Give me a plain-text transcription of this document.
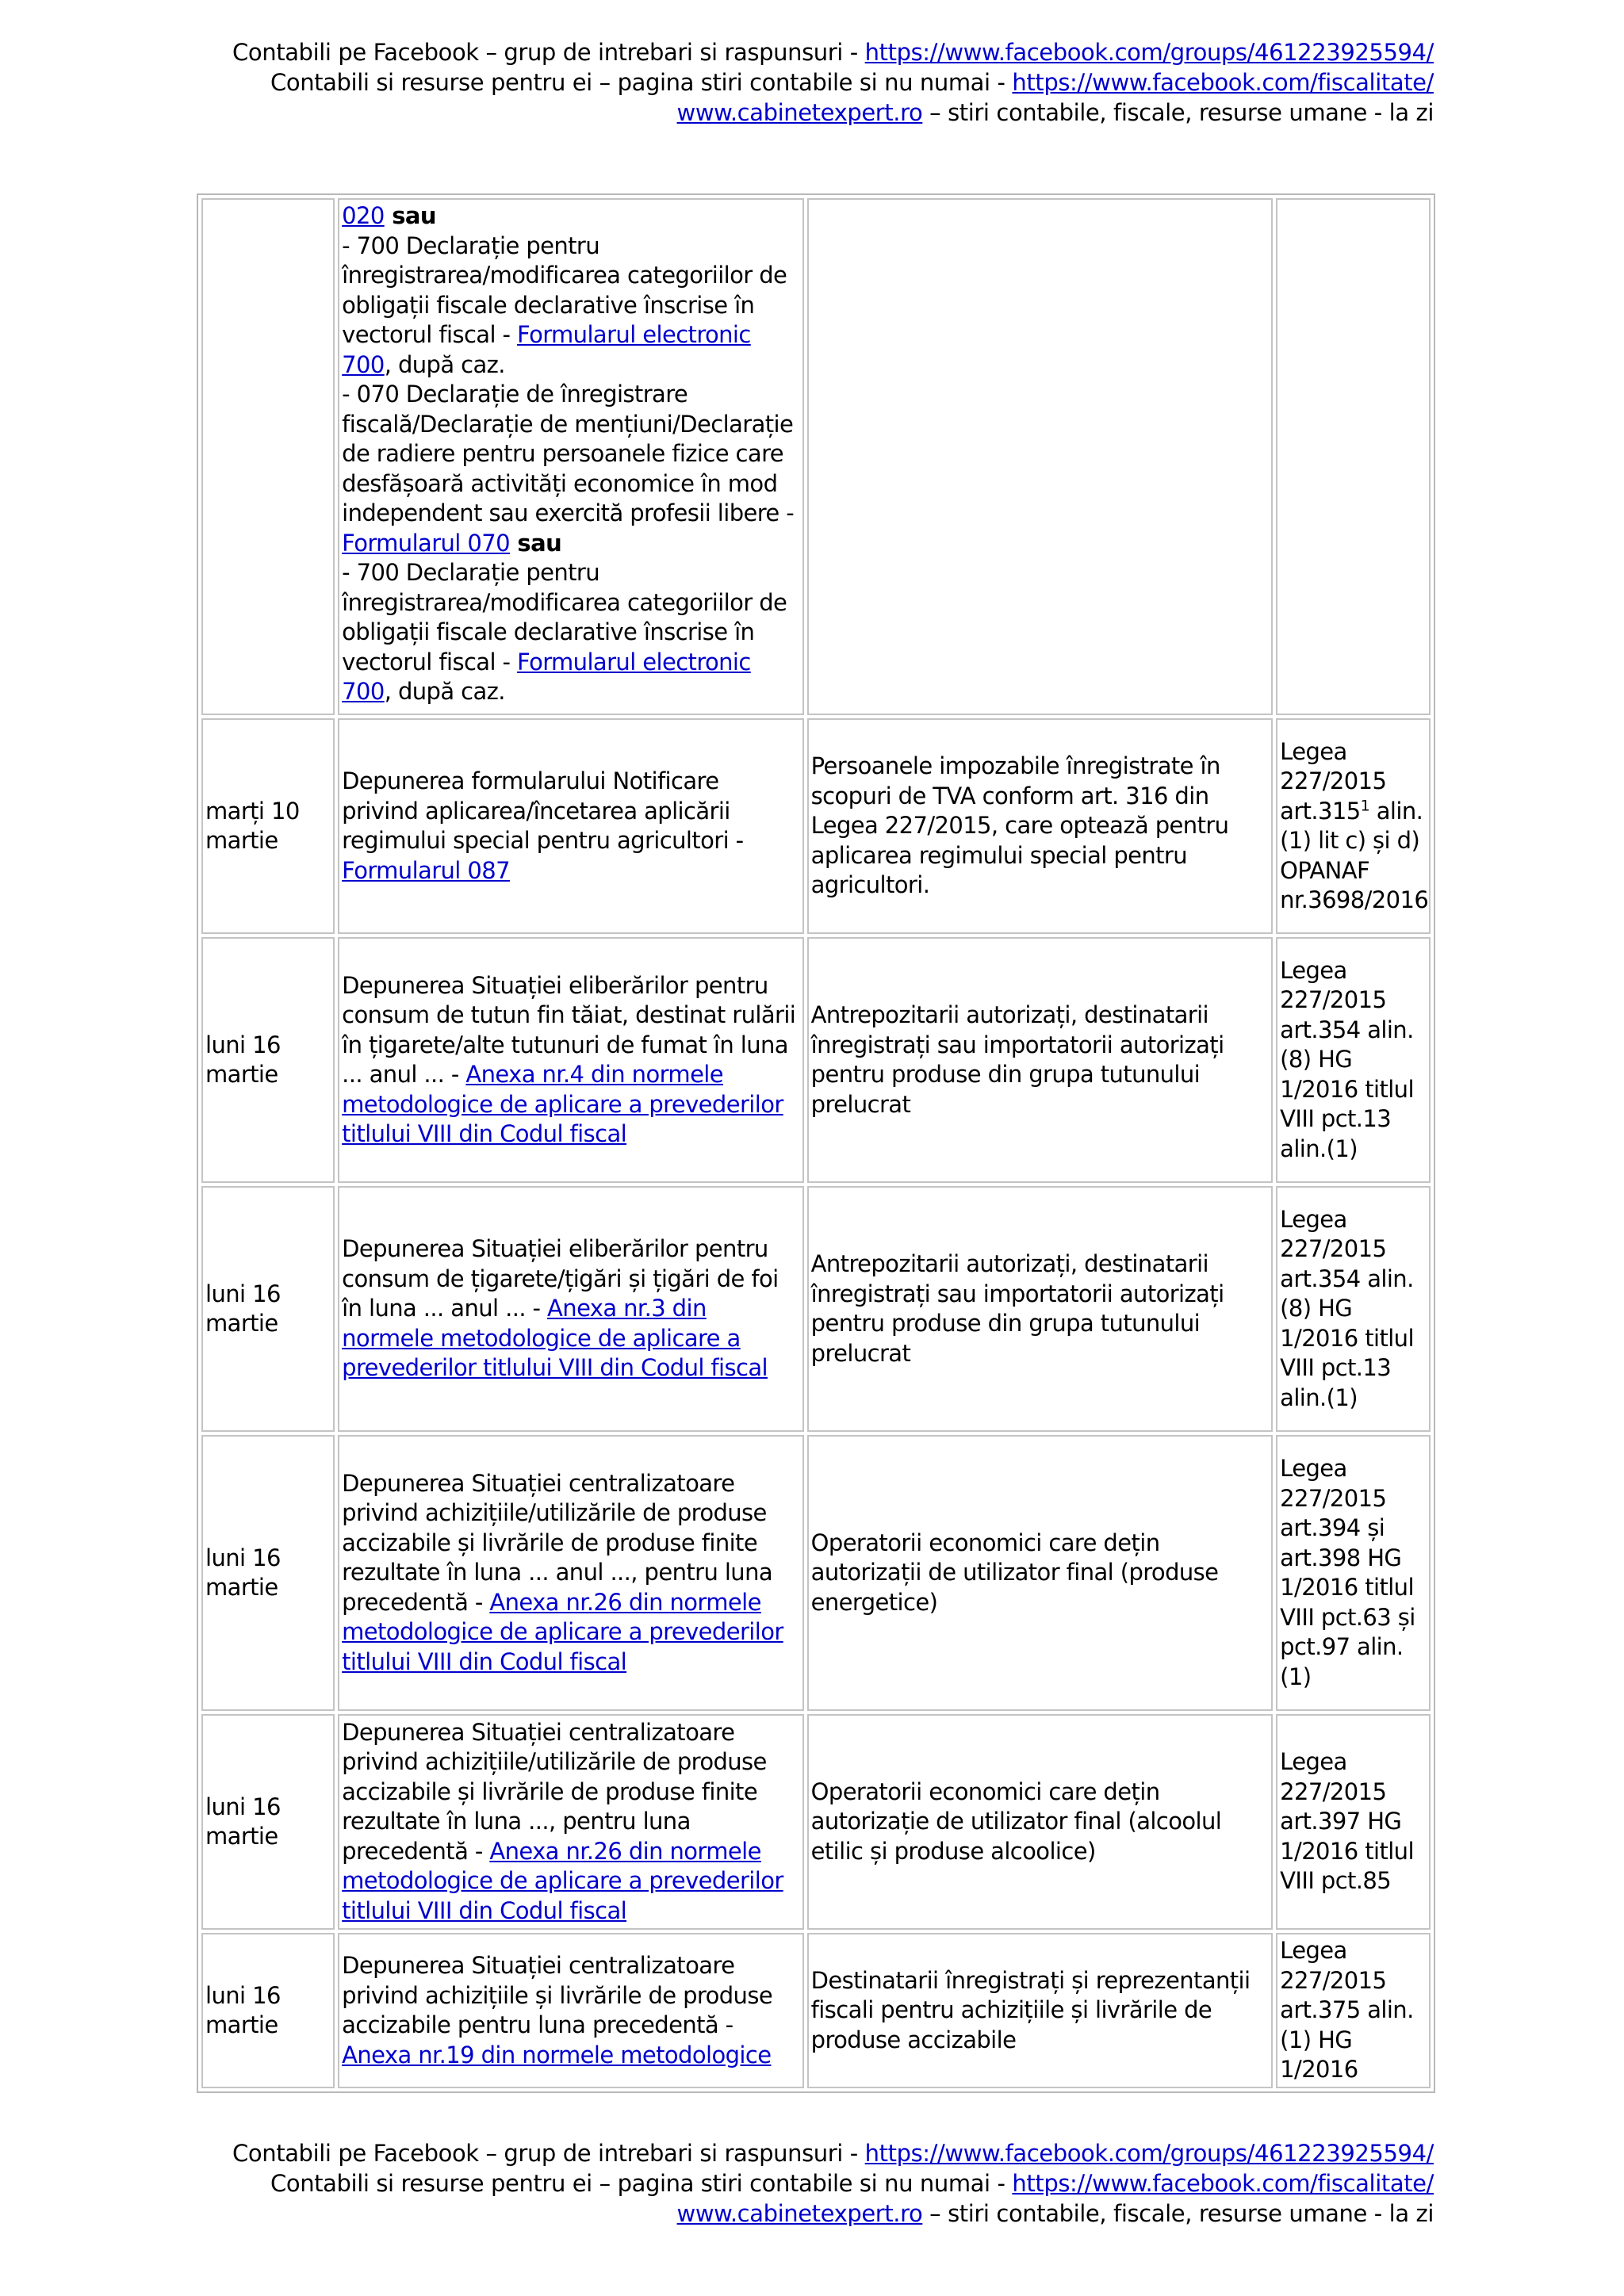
Contabili pe Facebook – grup de intrebari si raspunsuri - https://www.facebook.com/groups/461223925594/
Contabili si resurse pentru ei – pagina stiri contabile si nu numai - https://www.facebook.com/fiscalitate/
www.cabinetexpert.ro – stiri contabile, fiscale, resurse umane - la zi
	020 sau
- 700 Declarație pentru înregistrarea/modificarea categoriilor de obligații fiscale declarative înscrise în vectorul fiscal - Formularul electronic 700, după caz.
- 070 Declarație de înregistrare fiscală/Declarație de mențiuni/Declarație de radiere pentru persoanele fizice care desfășoară activități economice în mod independent sau exercită profesii libere - Formularul 070 sau
- 700 Declarație pentru înregistrarea/modificarea categoriilor de obligații fiscale declarative înscrise în vectorul fiscal - Formularul electronic 700, după caz.		
marți 10 martie	Depunerea formularului Notificare privind aplicarea/încetarea aplicării regimului special pentru agricultori - Formularul 087	Persoanele impozabile înregistrate în scopuri de TVA conform art. 316 din Legea 227/2015, care optează pentru aplicarea regimului special pentru agricultori.	Legea 227/2015 art.315$^1$ alin.(1) lit c) și d) OPANAF nr.3698/2016
luni 16 martie	Depunerea Situației eliberărilor pentru consum de tutun fin tăiat, destinat rulării în țigarete/alte tutunuri de fumat în luna ... anul ... - Anexa nr.4 din normele metodologice de aplicare a prevederilor titlului VIII din Codul fiscal	Antrepozitarii autorizați, destinatarii înregistrați sau importatorii autorizați pentru produse din grupa tutunului prelucrat	Legea 227/2015 art.354 alin. (8) HG 1/2016 titlul VIII pct.13 alin.(1)
luni 16 martie	Depunerea Situației eliberărilor pentru consum de țigarete/țigări și țigări de foi în luna ... anul ... - Anexa nr.3 din normele metodologice de aplicare a prevederilor titlului VIII din Codul fiscal	Antrepozitarii autorizați, destinatarii înregistrați sau importatorii autorizați pentru produse din grupa tutunului prelucrat	Legea 227/2015 art.354 alin.(8) HG 1/2016 titlul VIII pct.13 alin.(1)
luni 16 martie	Depunerea Situației centralizatoare privind achizițiile/utilizările de produse accizabile și livrările de produse finite rezultate în luna ... anul ..., pentru luna precedentă - Anexa nr.26 din normele metodologice de aplicare a prevederilor titlului VIII din Codul fiscal	Operatorii economici care dețin autorizații de utilizator final (produse energetice)	Legea 227/2015 art.394 și art.398 HG 1/2016 titlul VIII pct.63 și pct.97 alin.(1)
luni 16 martie	Depunerea Situației centralizatoare privind achizițiile/utilizările de produse accizabile și livrările de produse finite rezultate în luna ..., pentru luna precedentă - Anexa nr.26 din normele metodologice de aplicare a prevederilor titlului VIII din Codul fiscal	Operatorii economici care dețin autorizație de utilizator final (alcoolul etilic și produse alcoolice)	Legea 227/2015 art.397 HG 1/2016 titlul VIII pct.85
luni 16 martie	Depunerea Situației centralizatoare privind achizițiile și livrările de produse accizabile pentru luna precedentă - Anexa nr.19 din normele metodologice	Destinatarii înregistrați și reprezentanții fiscali pentru achizițiile și livrările de produse accizabile	Legea 227/2015 art.375 alin.(1) HG 1/2016
Contabili pe Facebook – grup de intrebari si raspunsuri - https://www.facebook.com/groups/461223925594/
Contabili si resurse pentru ei – pagina stiri contabile si nu numai - https://www.facebook.com/fiscalitate/
www.cabinetexpert.ro – stiri contabile, fiscale, resurse umane - la zi
